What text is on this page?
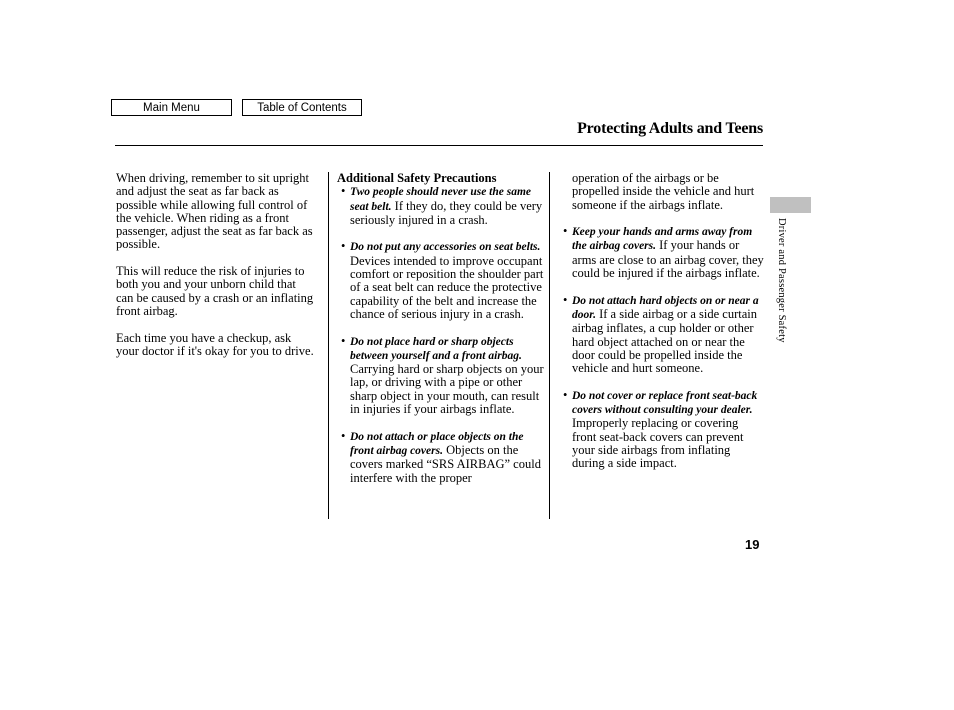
Main Menu	Table of Contents
Protecting Adults and Teens

When driving, remember to sit upright and adjust the seat as far back as possible while allowing full control of the vehicle. When riding as a front passenger, adjust the seat as far back as possible.

This will reduce the risk of injuries to both you and your unborn child that can be caused by a crash or an inflating front airbag.

Each time you have a checkup, ask your doctor if it's okay for you to drive.

Additional Safety Precautions

• Two people should never use the same seat belt. If they do, they could be very seriously injured in a crash.
• Do not put any accessories on seat belts. Devices intended to improve occupant comfort or reposition the shoulder part of a seat belt can reduce the protective capability of the belt and increase the chance of serious injury in a crash.
• Do not place hard or sharp objects between yourself and a front airbag. Carrying hard or sharp objects on your lap, or driving with a pipe or other sharp object in your mouth, can result in injuries if your airbags inflate.
• Do not attach or place objects on the front airbag covers. Objects on the covers marked “SRS AIRBAG” could interfere with the proper

operation of the airbags or be propelled inside the vehicle and hurt someone if the airbags inflate.

• Keep your hands and arms away from the airbag covers. If your hands or arms are close to an airbag cover, they could be injured if the airbags inflate.
• Do not attach hard objects on or near a door. If a side airbag or a side curtain airbag inflates, a cup holder or other hard object attached on or near the door could be propelled inside the vehicle and hurt someone.
• Do not cover or replace front seat-back covers without consulting your dealer. Improperly replacing or covering front seat-back covers can prevent your side airbags from inflating during a side impact.
Driver and Passenger Safety
19
